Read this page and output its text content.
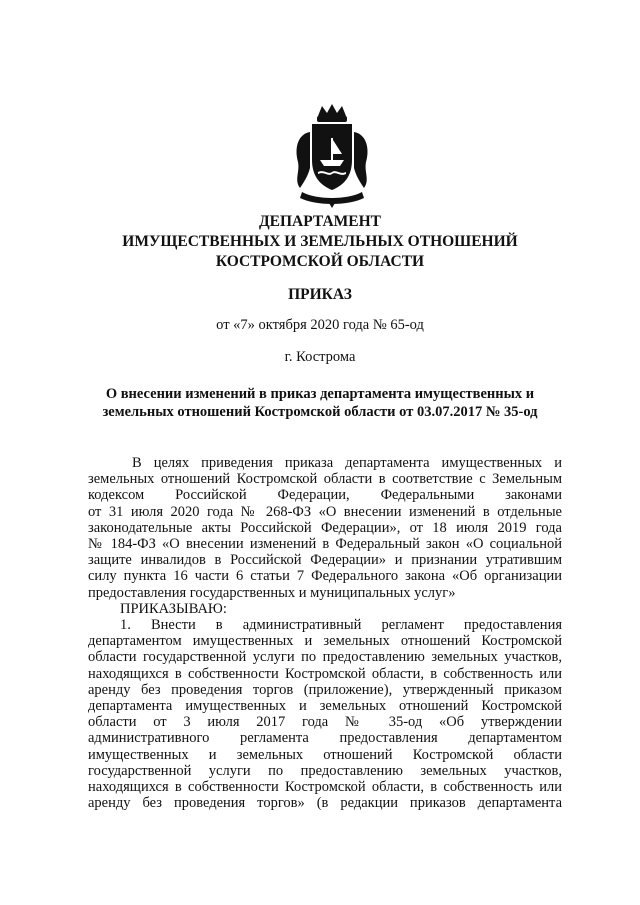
ДЕПАРТАМЕНТ
ИМУЩЕСТВЕННЫХ И ЗЕМЕЛЬНЫХ ОТНОШЕНИЙ
КОСТРОМСКОЙ ОБЛАСТИ
ПРИКАЗ
от «7» октября 2020 года № 65-од
г. Кострома
О внесении изменений в приказ департамента имущественных и
земельных отношений Костромской области от 03.07.2017 № 35-од
В целях приведения приказа департамента имущественных и
земельных отношений Костромской области в соответствие с Земельным
кодексом Российской Федерации, Федеральными законами
от 31 июля 2020 года № 268-ФЗ «О внесении изменений в отдельные
законодательные акты Российской Федерации», от 18 июля 2019 года
№ 184-ФЗ «О внесении изменений в Федеральный закон «О социальной
защите инвалидов в Российской Федерации» и признании утратившим
силу пункта 16 части 6 статьи 7 Федерального закона «Об организации
предоставления государственных и муниципальных услуг»
ПРИКАЗЫВАЮ:
1. Внести в административный регламент предоставления
департаментом имущественных и земельных отношений Костромской
области государственной услуги по предоставлению земельных участков,
находящихся в собственности Костромской области, в собственность или
аренду без проведения торгов (приложение), утвержденный приказом
департамента имущественных и земельных отношений Костромской
области от 3 июля 2017 года № 35-од «Об утверждении
административного регламента предоставления департаментом
имущественных и земельных отношений Костромской области
государственной услуги по предоставлению земельных участков,
находящихся в собственности Костромской области, в собственность или
аренду без проведения торгов» (в редакции приказов департамента
